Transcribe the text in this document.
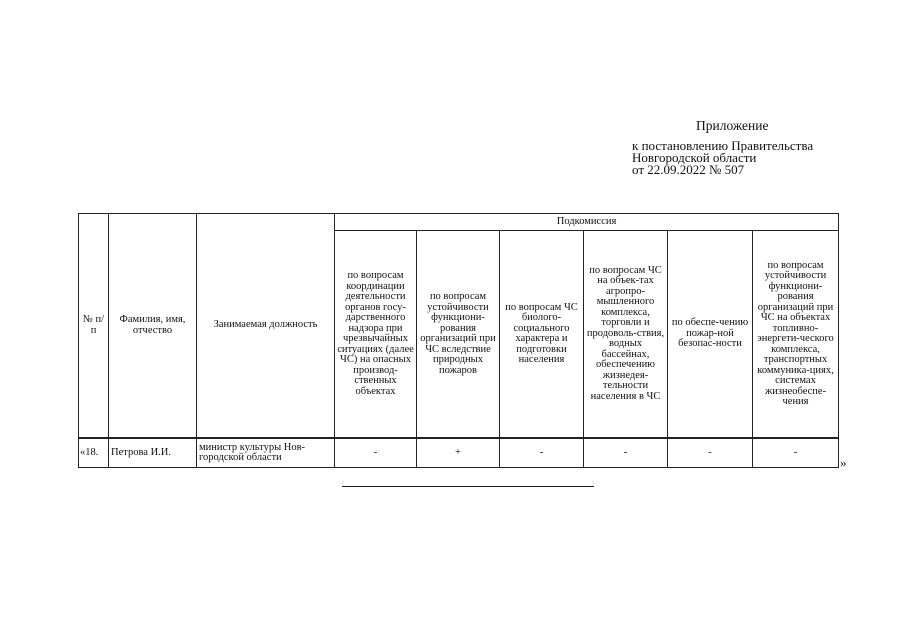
Приложение
к постановлению Правительства
Новгородской области
от 22.09.2022 № 507
№ п/п	Фамилия, имя, отчество	Занимаемая должность	Подкомиссия					
			по вопросам координации деятельности органов госу-дарственного надзора при чрезвычайных ситуациях (далее ЧС) на опасных производ-ственных объектах	по вопросам устойчивости функциони-рования организаций при ЧС вследствие природных пожаров	по вопросам ЧС биолого-социального характера и подготовки населения	по вопросам ЧС на объек-тах агропро-мышленного комплекса, торговли и продоволь-ствия, водных бассейнах, обеспечению жизнедея-тельности населения в ЧС	по обеспе-чению пожар-ной безопас-ности	по вопросам устойчивости функциони-рования организаций при ЧС на объектах топливно-энергети-ческого комплекса, транспортных коммуника-циях, системах жизнеобеспе-чения
«18.	Петрова И.И.	министр культуры Нов-городской области	-	+	-	-	-	-
»
